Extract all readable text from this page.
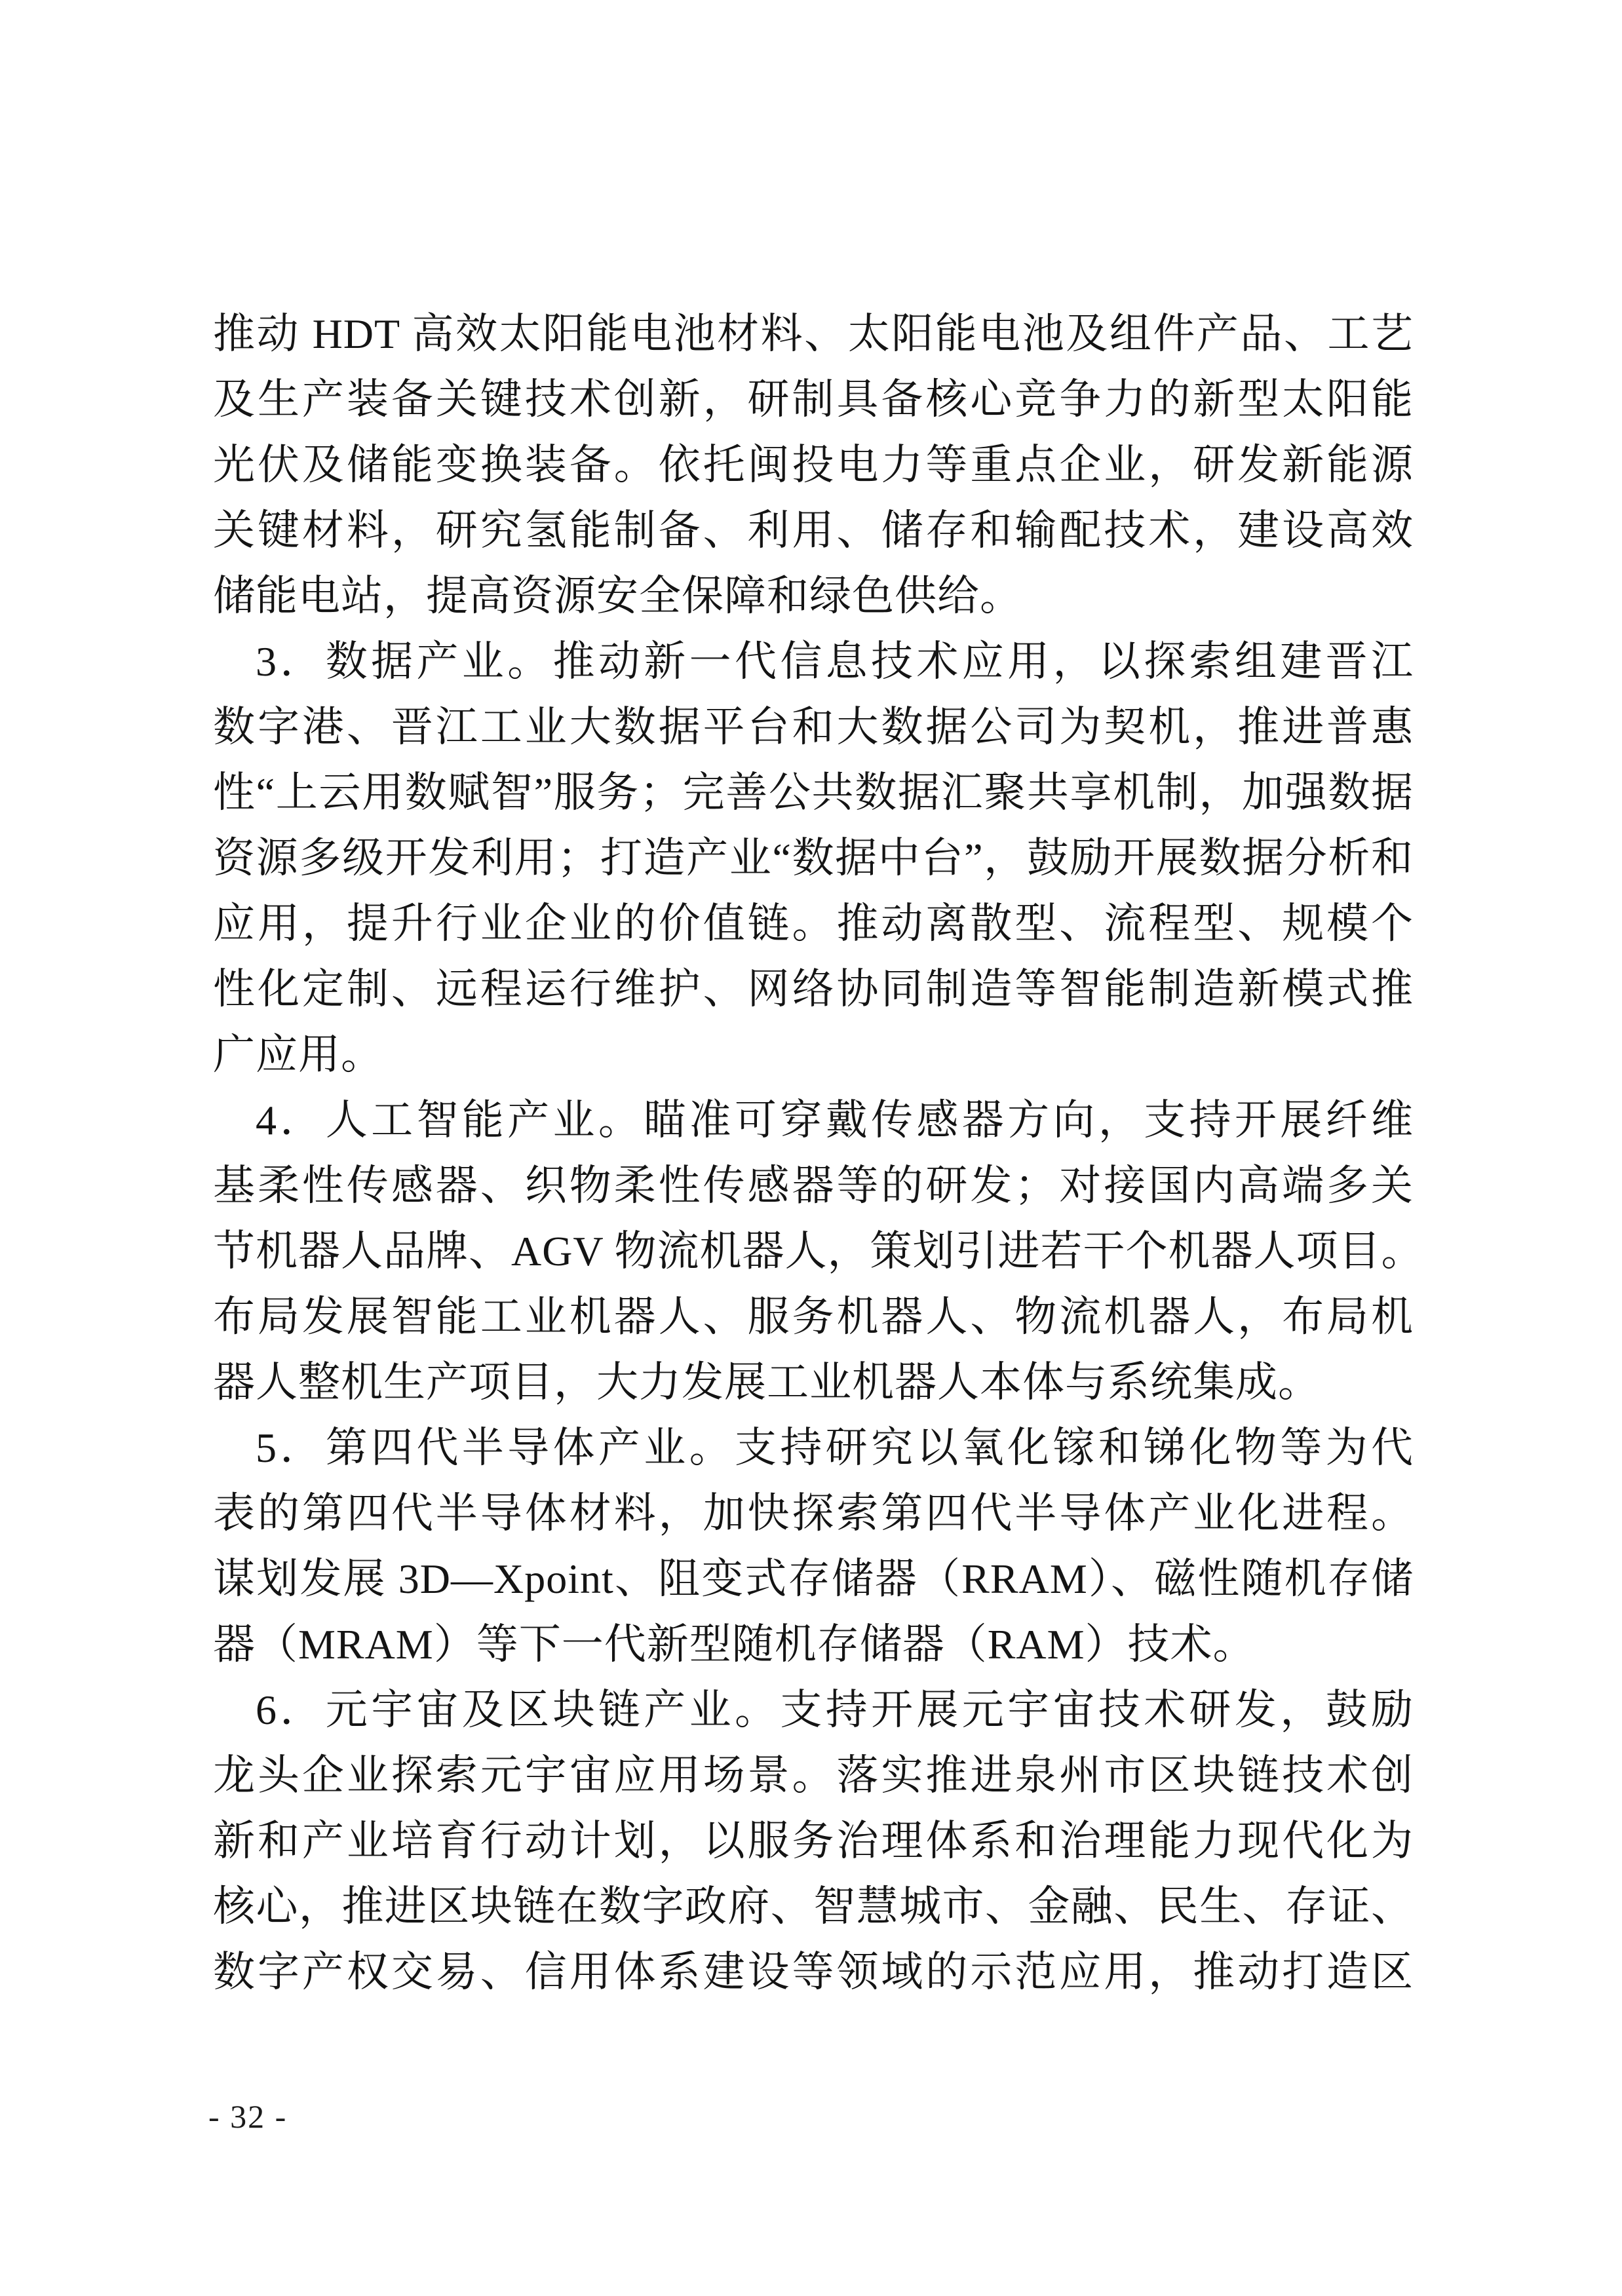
推动 HDT 高效太阳能电池材料、太阳能电池及组件产品、工艺
及生产装备关键技术创新，研制具备核心竞争力的新型太阳能
光伏及储能变换装备。依托闽投电力等重点企业，研发新能源
关键材料，研究氢能制备、利用、储存和输配技术，建设高效
储能电站，提高资源安全保障和绿色供给。
3．数据产业。推动新一代信息技术应用，以探索组建晋江
数字港、晋江工业大数据平台和大数据公司为契机，推进普惠
性“上云用数赋智”服务；完善公共数据汇聚共享机制，加强数据
资源多级开发利用；打造产业“数据中台”，鼓励开展数据分析和
应用，提升行业企业的价值链。推动离散型、流程型、规模个
性化定制、远程运行维护、网络协同制造等智能制造新模式推
广应用。
4．人工智能产业。瞄准可穿戴传感器方向，支持开展纤维
基柔性传感器、织物柔性传感器等的研发；对接国内高端多关
节机器人品牌、AGV 物流机器人，策划引进若干个机器人项目。
布局发展智能工业机器人、服务机器人、物流机器人，布局机
器人整机生产项目，大力发展工业机器人本体与系统集成。
5．第四代半导体产业。支持研究以氧化镓和锑化物等为代
表的第四代半导体材料，加快探索第四代半导体产业化进程。
谋划发展 3D—Xpoint、阻变式存储器（RRAM）、磁性随机存储
器（MRAM）等下一代新型随机存储器（RAM）技术。
6．元宇宙及区块链产业。支持开展元宇宙技术研发，鼓励
龙头企业探索元宇宙应用场景。落实推进泉州市区块链技术创
新和产业培育行动计划，以服务治理体系和治理能力现代化为
核心，推进区块链在数字政府、智慧城市、金融、民生、存证、
数字产权交易、信用体系建设等领域的示范应用，推动打造区
- 32 -
